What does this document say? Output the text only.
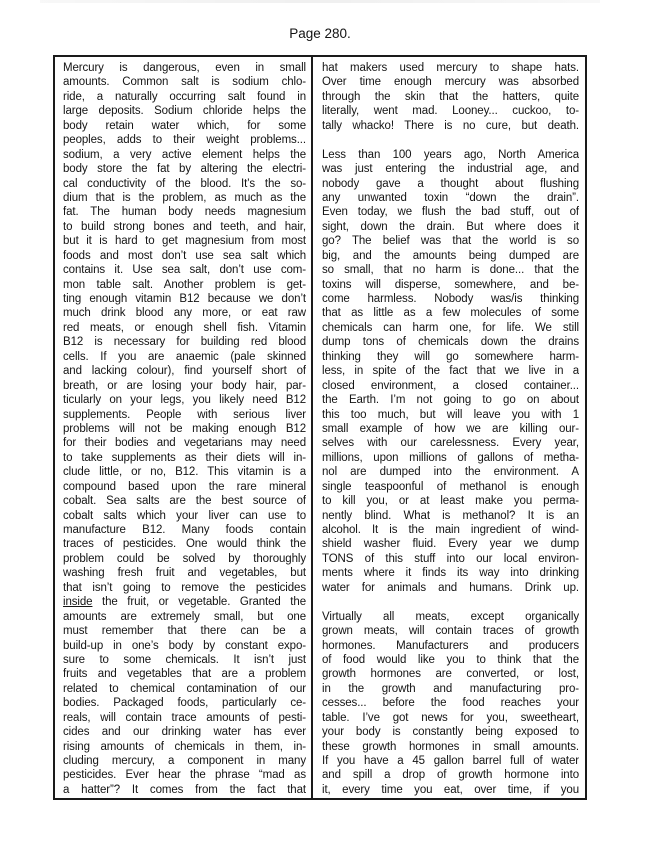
Page 280.
Mercury is dangerous, even in small
amounts. Common salt is sodium chlo-
ride, a naturally occurring salt found in
large deposits. Sodium chloride helps the
body retain water which, for some
peoples, adds to their weight problems...
sodium, a very active element helps the
body store the fat by altering the electri-
cal conductivity of the blood. It’s the so-
dium that is the problem, as much as the
fat. The human body needs magnesium
to build strong bones and teeth, and hair,
but it is hard to get magnesium from most
foods and most don’t use sea salt which
contains it. Use sea salt, don’t use com-
mon table salt. Another problem is get-
ting enough vitamin B12 because we don’t
much drink blood any more, or eat raw
red meats, or enough shell fish. Vitamin
B12 is necessary for building red blood
cells. If you are anaemic (pale skinned
and lacking colour), find yourself short of
breath, or are losing your body hair, par-
ticularly on your legs, you likely need B12
supplements. People with serious liver
problems will not be making enough B12
for their bodies and vegetarians may need
to take supplements as their diets will in-
clude little, or no, B12. This vitamin is a
compound based upon the rare mineral
cobalt. Sea salts are the best source of
cobalt salts which your liver can use to
manufacture B12. Many foods contain
traces of pesticides. One would think the
problem could be solved by thoroughly
washing fresh fruit and vegetables, but
that isn’t going to remove the pesticides
inside the fruit, or vegetable. Granted the
amounts are extremely small, but one
must remember that there can be a
build-up in one’s body by constant expo-
sure to some chemicals. It isn’t just
fruits and vegetables that are a problem
related to chemical contamination of our
bodies. Packaged foods, particularly ce-
reals, will contain trace amounts of pesti-
cides and our drinking water has ever
rising amounts of chemicals in them, in-
cluding mercury, a component in many
pesticides. Ever hear the phrase “mad as
a hatter”? It comes from the fact that
hat makers used mercury to shape hats.
Over time enough mercury was absorbed
through the skin that the hatters, quite
literally, went mad. Looney... cuckoo, to-
tally whacko! There is no cure, but death.
Less than 100 years ago, North America
was just entering the industrial age, and
nobody gave a thought about flushing
any unwanted toxin “down the drain”.
Even today, we flush the bad stuff, out of
sight, down the drain. But where does it
go? The belief was that the world is so
big, and the amounts being dumped are
so small, that no harm is done... that the
toxins will disperse, somewhere, and be-
come harmless. Nobody was/is thinking
that as little as a few molecules of some
chemicals can harm one, for life. We still
dump tons of chemicals down the drains
thinking they will go somewhere harm-
less, in spite of the fact that we live in a
closed environment, a closed container...
the Earth. I’m not going to go on about
this too much, but will leave you with 1
small example of how we are killing our-
selves with our carelessness. Every year,
millions, upon millions of gallons of metha-
nol are dumped into the environment. A
single teaspoonful of methanol is enough
to kill you, or at least make you perma-
nently blind. What is methanol? It is an
alcohol. It is the main ingredient of wind-
shield washer fluid. Every year we dump
TONS of this stuff into our local environ-
ments where it finds its way into drinking
water for animals and humans. Drink up.
Virtually all meats, except organically
grown meats, will contain traces of growth
hormones. Manufacturers and producers
of food would like you to think that the
growth hormones are converted, or lost,
in the growth and manufacturing pro-
cesses... before the food reaches your
table. I’ve got news for you, sweetheart,
your body is constantly being exposed to
these growth hormones in small amounts.
If you have a 45 gallon barrel full of water
and spill a drop of growth hormone into
it, every time you eat, over time, if you
